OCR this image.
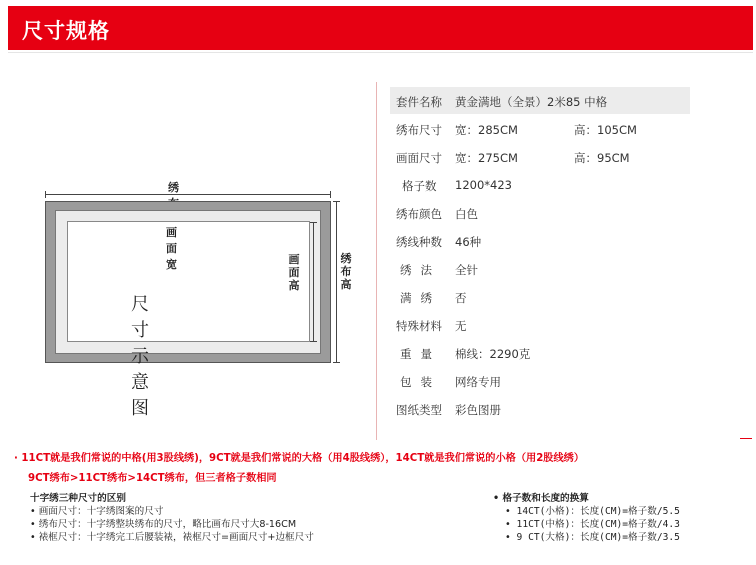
尺寸规格
绣
画面宽	画
面
高
绣
布
高
尺寸示意图
套件名称 黄金满地（全景）2米85 中格
绣布尺寸 宽：285CM	高：105CM
画面尺寸 宽：275CM	高：95CM
格子数 1200*423
绣布颜色 白色
绣线种数 46种
绣法 全针
满绣 否
特殊材料 无
重量 棉线：2290克
包装 网络专用
图纸类型 彩色图册
· 11CT就是我们常说的中格(用3股线绣)，9CT就是我们常说的大格（用4股线绣），14CT就是我们常说的小格（用2股线绣）
9CT绣布>11CT绣布>14CT绣布，但三者格子数相同
十字绣三种尺寸的区别
• 画面尺寸：十字绣图案的尺寸
• 绣布尺寸：十字绣整块绣布的尺寸，略比画布尺寸大8-16CM
• 裱框尺寸：十字绣完工后腰装裱，裱框尺寸=画面尺寸+边框尺寸
• 格子数和长度的换算
• 14CT(小格)：长度(CM)=格子数/5.5
• 11CT(中格)：长度(CM)=格子数/4.3
• 9 CT(大格)：长度(CM)=格子数/3.5
